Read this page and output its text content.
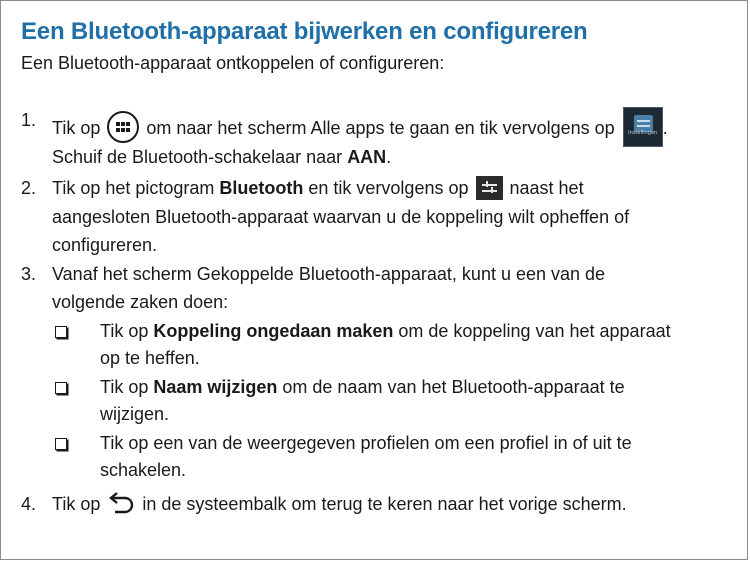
Een Bluetooth-apparaat bijwerken en configureren
Een Bluetooth-apparaat ontkoppelen of configureren:
1. Tik op	om naar het scherm Alle apps te gaan en tik vervolgens op	Instellingen .
Schuif de Bluetooth-schakelaar naar AAN.
2. Tik op het pictogram Bluetooth en tik vervolgens op naast het
aangesloten Bluetooth-apparaat waarvan u de koppeling wilt opheffen of
configureren.
3. Vanaf het scherm Gekoppelde Bluetooth-apparaat, kunt u een van de
volgende zaken doen:
Tik op Koppeling ongedaan maken om de koppeling van het apparaat
op te heffen.
Tik op Naam wijzigen om de naam van het Bluetooth-apparaat te
wijzigen.
Tik op een van de weergegeven profielen om een profiel in of uit te
schakelen.
4. Tik op in de systeembalk om terug te keren naar het vorige scherm.
